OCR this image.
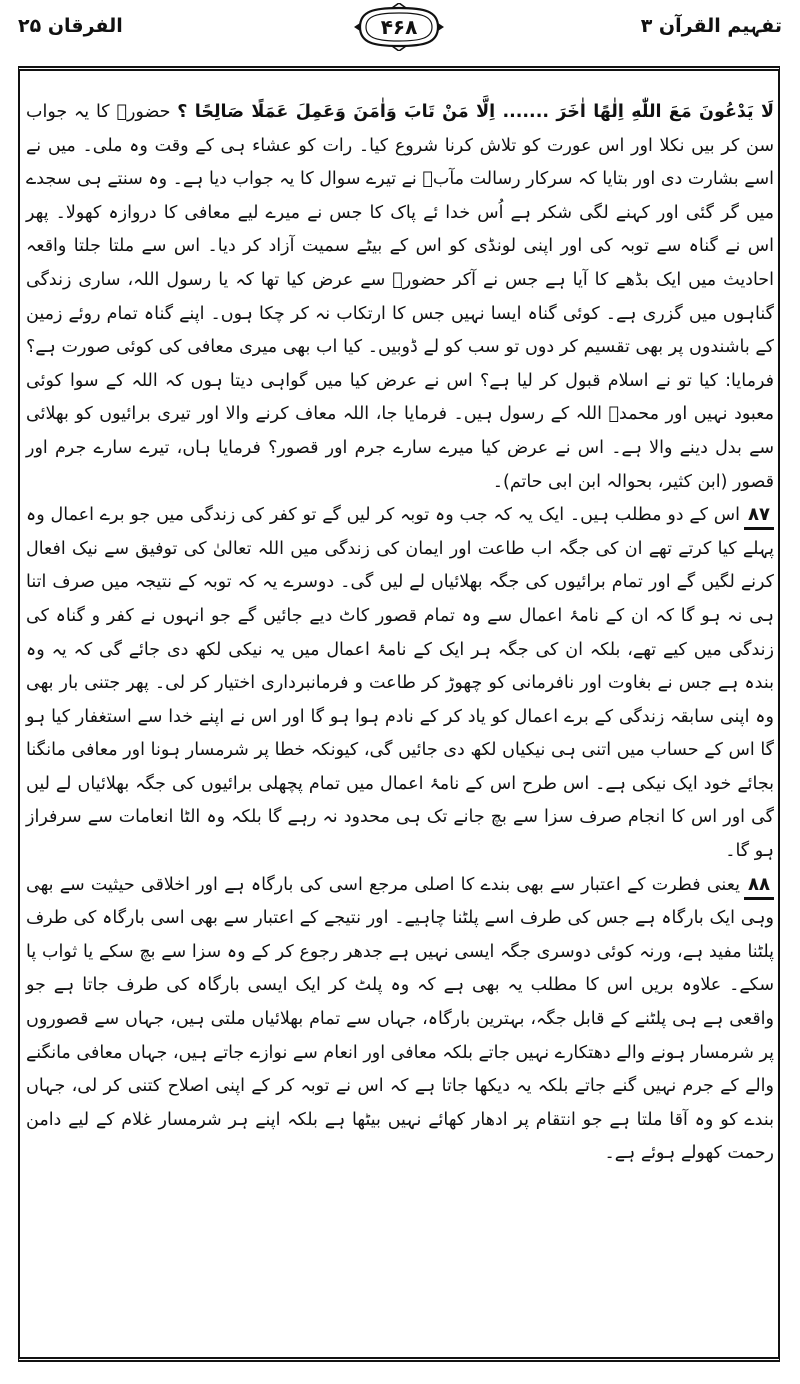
تفہیم القرآن ۳
۴۶۸
الفرقان ۲۵

لَا يَدْعُونَ مَعَ اللّٰهِ اِلٰهًا اٰخَرَ ....... اِلَّا مَنْ تَابَ وَاٰمَنَ وَعَمِلَ عَمَلًا صَالِحًا ؟ حضورؐ کا یہ جواب سن کر بیں نکلا اور اس عورت کو تلاش کرنا شروع کیا۔ رات کو عشاء ہی کے وقت وہ ملی۔ میں نے اسے بشارت دی اور بتایا کہ سرکار رسالت مآبؐ نے تیرے سوال کا یہ جواب دیا ہے۔ وہ سنتے ہی سجدے میں گر گئی اور کہنے لگی شکر ہے اُس خدا ئے پاک کا جس نے میرے لیے معافی کا دروازہ کھولا۔ پھر اس نے گناہ سے توبہ کی اور اپنی لونڈی کو اس کے بیٹے سمیت آزاد کر دیا۔ اس سے ملتا جلتا واقعہ احادیث میں ایک بڈھے کا آیا ہے جس نے آکر حضورؐ سے عرض کیا تھا کہ یا رسول اللہ، ساری زندگی گناہوں میں گزری ہے۔ کوئی گناہ ایسا نہیں جس کا ارتکاب نہ کر چکا ہوں۔ اپنے گناہ تمام روئے زمین کے باشندوں پر بھی تقسیم کر دوں تو سب کو لے ڈوبیں۔ کیا اب بھی میری معافی کی کوئی صورت ہے؟ فرمایا: کیا تو نے اسلام قبول کر لیا ہے؟ اس نے عرض کیا میں گواہی دیتا ہوں کہ اللہ کے سوا کوئی معبود نہیں اور محمدؐ اللہ کے رسول ہیں۔ فرمایا جا، اللہ معاف کرنے والا اور تیری برائیوں کو بھلائی سے بدل دینے والا ہے۔ اس نے عرض کیا میرے سارے جرم اور قصور؟ فرمایا ہاں، تیرے سارے جرم اور قصور (ابن کثیر، بحوالہ ابن ابی حاتم)۔

۸۷اس کے دو مطلب ہیں۔ ایک یہ کہ جب وہ توبہ کر لیں گے تو کفر کی زندگی میں جو برے اعمال وہ پہلے کیا کرتے تھے ان کی جگہ اب طاعت اور ایمان کی زندگی میں اللہ تعالیٰ کی توفیق سے نیک افعال کرنے لگیں گے اور تمام برائیوں کی جگہ بھلائیاں لے لیں گی۔ دوسرے یہ کہ توبہ کے نتیجہ میں صرف اتنا ہی نہ ہو گا کہ ان کے نامۂ اعمال سے وہ تمام قصور کاٹ دیے جائیں گے جو انہوں نے کفر و گناہ کی زندگی میں کیے تھے، بلکہ ان کی جگہ ہر ایک کے نامۂ اعمال میں یہ نیکی لکھ دی جائے گی کہ یہ وہ بندہ ہے جس نے بغاوت اور نافرمانی کو چھوڑ کر طاعت و فرمانبرداری اختیار کر لی۔ پھر جتنی بار بھی وہ اپنی سابقہ زندگی کے برے اعمال کو یاد کر کے نادم ہوا ہو گا اور اس نے اپنے خدا سے استغفار کیا ہو گا اس کے حساب میں اتنی ہی نیکیاں لکھ دی جائیں گی، کیونکہ خطا پر شرمسار ہونا اور معافی مانگنا بجائے خود ایک نیکی ہے۔ اس طرح اس کے نامۂ اعمال میں تمام پچھلی برائیوں کی جگہ بھلائیاں لے لیں گی اور اس کا انجام صرف سزا سے بچ جانے تک ہی محدود نہ رہے گا بلکہ وہ الٹا انعامات سے سرفراز ہو گا۔

۸۸یعنی فطرت کے اعتبار سے بھی بندے کا اصلی مرجع اسی کی بارگاہ ہے اور اخلاقی حیثیت سے بھی وہی ایک بارگاہ ہے جس کی طرف اسے پلٹنا چاہیے۔ اور نتیجے کے اعتبار سے بھی اسی بارگاہ کی طرف پلٹنا مفید ہے، ورنہ کوئی دوسری جگہ ایسی نہیں ہے جدھر رجوع کر کے وہ سزا سے بچ سکے یا ثواب پا سکے۔ علاوہ بریں اس کا مطلب یہ بھی ہے کہ وہ پلٹ کر ایک ایسی بارگاہ کی طرف جاتا ہے جو واقعی ہے ہی پلٹنے کے قابل جگہ، بہترین بارگاہ، جہاں سے تمام بھلائیاں ملتی ہیں، جہاں سے قصوروں پر شرمسار ہونے والے دھتکارے نہیں جاتے بلکہ معافی اور انعام سے نوازے جاتے ہیں، جہاں معافی مانگنے والے کے جرم نہیں گنے جاتے بلکہ یہ دیکھا جاتا ہے کہ اس نے توبہ کر کے اپنی اصلاح کتنی کر لی، جہاں بندے کو وہ آقا ملتا ہے جو انتقام پر ادھار کھائے نہیں بیٹھا ہے بلکہ اپنے ہر شرمسار غلام کے لیے دامن رحمت کھولے ہوئے ہے۔
